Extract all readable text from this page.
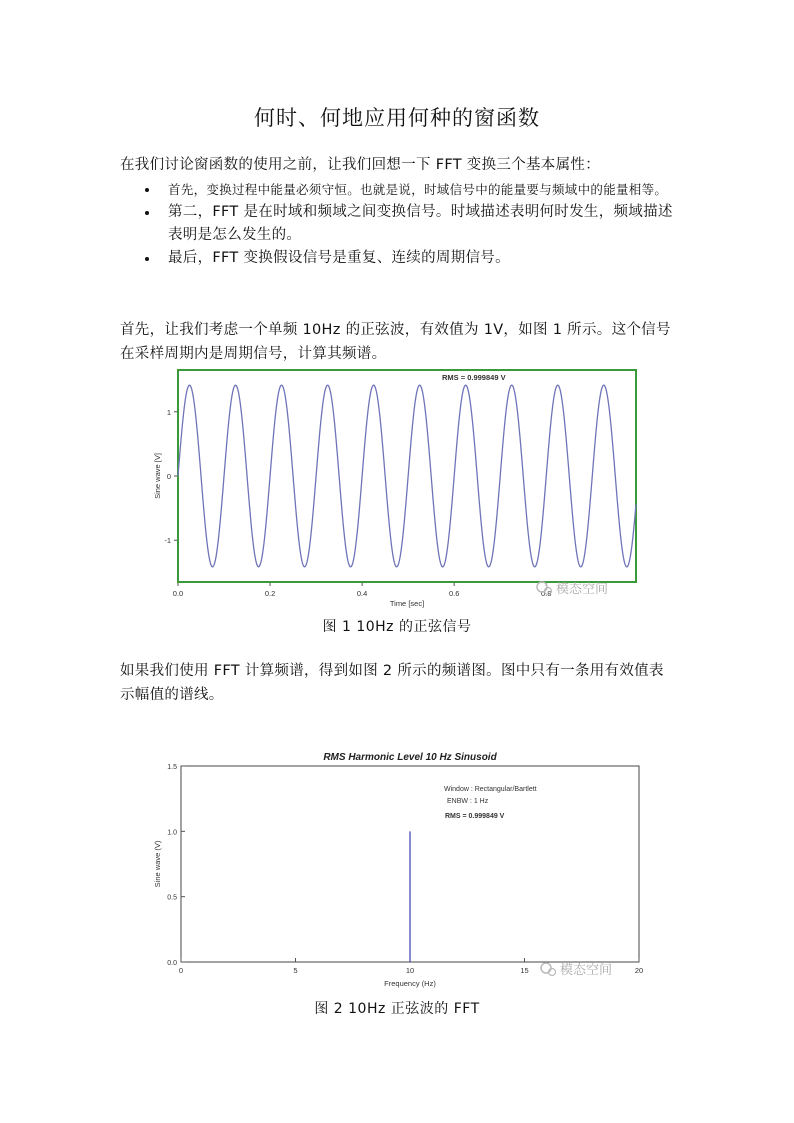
何时、何地应用何种的窗函数
在我们讨论窗函数的使用之前，让我们回想一下 FFT 变换三个基本属性：
首先，变换过程中能量必须守恒。也就是说，时域信号中的能量要与频域中的能量相等。
第二，FFT 是在时域和频域之间变换信号。时域描述表明何时发生，频域描述表明是怎么发生的。
最后，FFT 变换假设信号是重复、连续的周期信号。
首先，让我们考虑一个单频 10Hz 的正弦波，有效值为 1V，如图 1 所示。这个信号在采样周期内是周期信号，计算其频谱。
0.0	0.2	0.4	0.6	0.8
1
0
-1
RMS = 0.999849 V
Sine wave [V]
Time [sec]
模态空间
图 1 10Hz 的正弦信号
如果我们使用 FFT 计算频谱，得到如图 2 所示的频谱图。图中只有一条用有效值表示幅值的谱线。
RMS Harmonic Level 10 Hz Sinusoid
0	5	10	15	20
1.5
1.0
0.5
0.0
Window : Rectangular/Bartlett
ENBW : 1 Hz
RMS = 0.999849 V
Sine wave (V)
Frequency (Hz)
模态空间
图 2 10Hz 正弦波的 FFT
